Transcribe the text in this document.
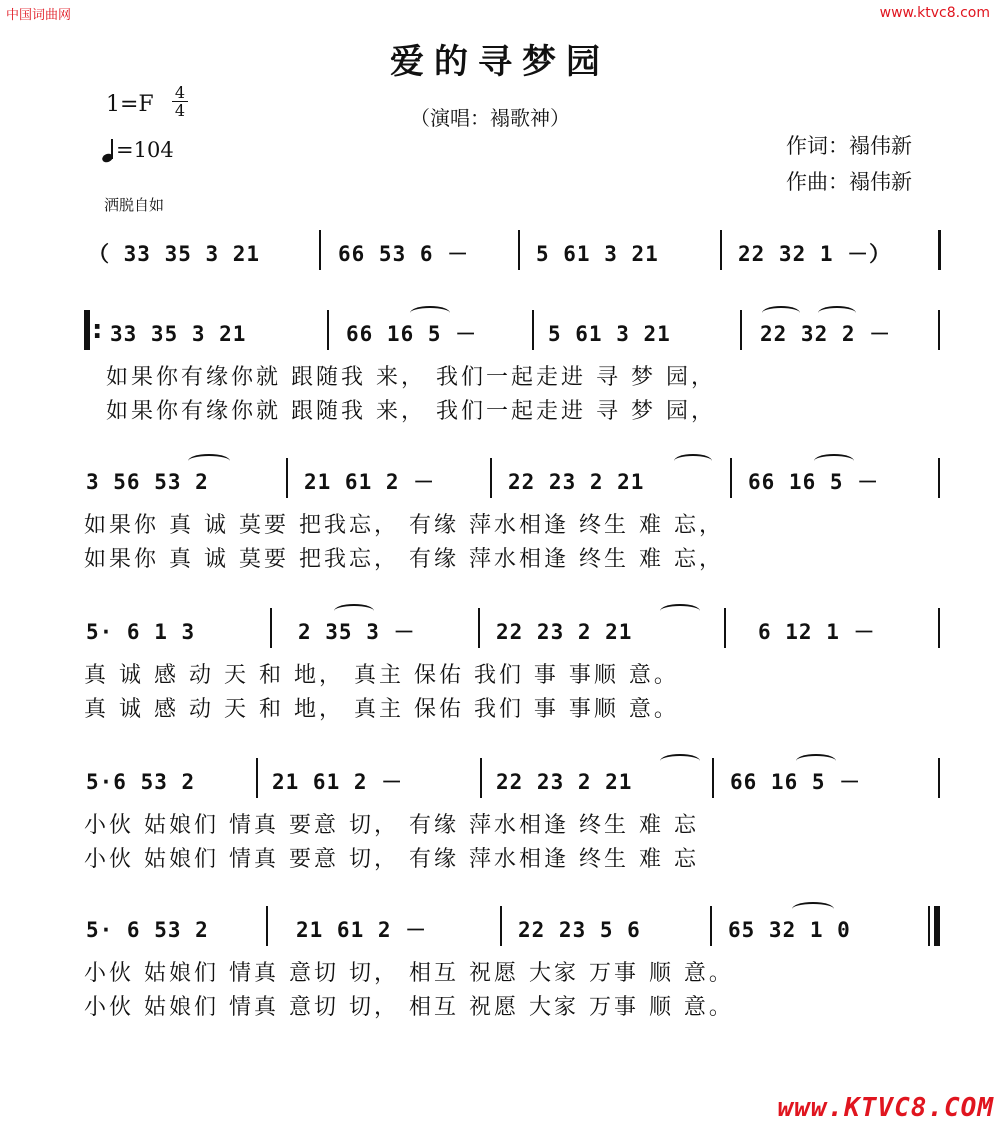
中国词曲网	www.ktvc8.com
爱的寻梦园
1=F 4
4
=104
（演唱：褟歌神）
作词：褟伟新
作曲：褟伟新
洒脱自如
（ 33 35 3 21	66 53 6 －	5 61 3 21	22 32 1 －）
: 33 35 3 21	66 16 5 －	5 61 3 21	22 32 2 －
如果你有缘你就 跟随我 来， 我们一起走进 寻 梦 园，
如果你有缘你就 跟随我 来， 我们一起走进 寻 梦 园，
3 56 53 2	21 61 2 －	22 23 2 21	66 16 5 －
如果你 真 诚 莫要 把我忘， 有缘 萍水相逢 终生 难 忘，
如果你 真 诚 莫要 把我忘， 有缘 萍水相逢 终生 难 忘，
5· 6 1 3	2 35 3 －	22 23 2 21	6 12 1 －
真 诚 感 动 天 和 地， 真主 保佑 我们 事 事顺 意。
真 诚 感 动 天 和 地， 真主 保佑 我们 事 事顺 意。
5·6 53 2	21 61 2 －	22 23 2 21	66 16 5 －
小伙 姑娘们 情真 要意 切， 有缘 萍水相逢 终生 难 忘
小伙 姑娘们 情真 要意 切， 有缘 萍水相逢 终生 难 忘
5· 6 53 2	21 61 2 －	22 23 5 6	65 32 1 0
小伙 姑娘们 情真 意切 切， 相互 祝愿 大家 万事 顺 意。
小伙 姑娘们 情真 意切 切， 相互 祝愿 大家 万事 顺 意。
www.KTVC8.COM
